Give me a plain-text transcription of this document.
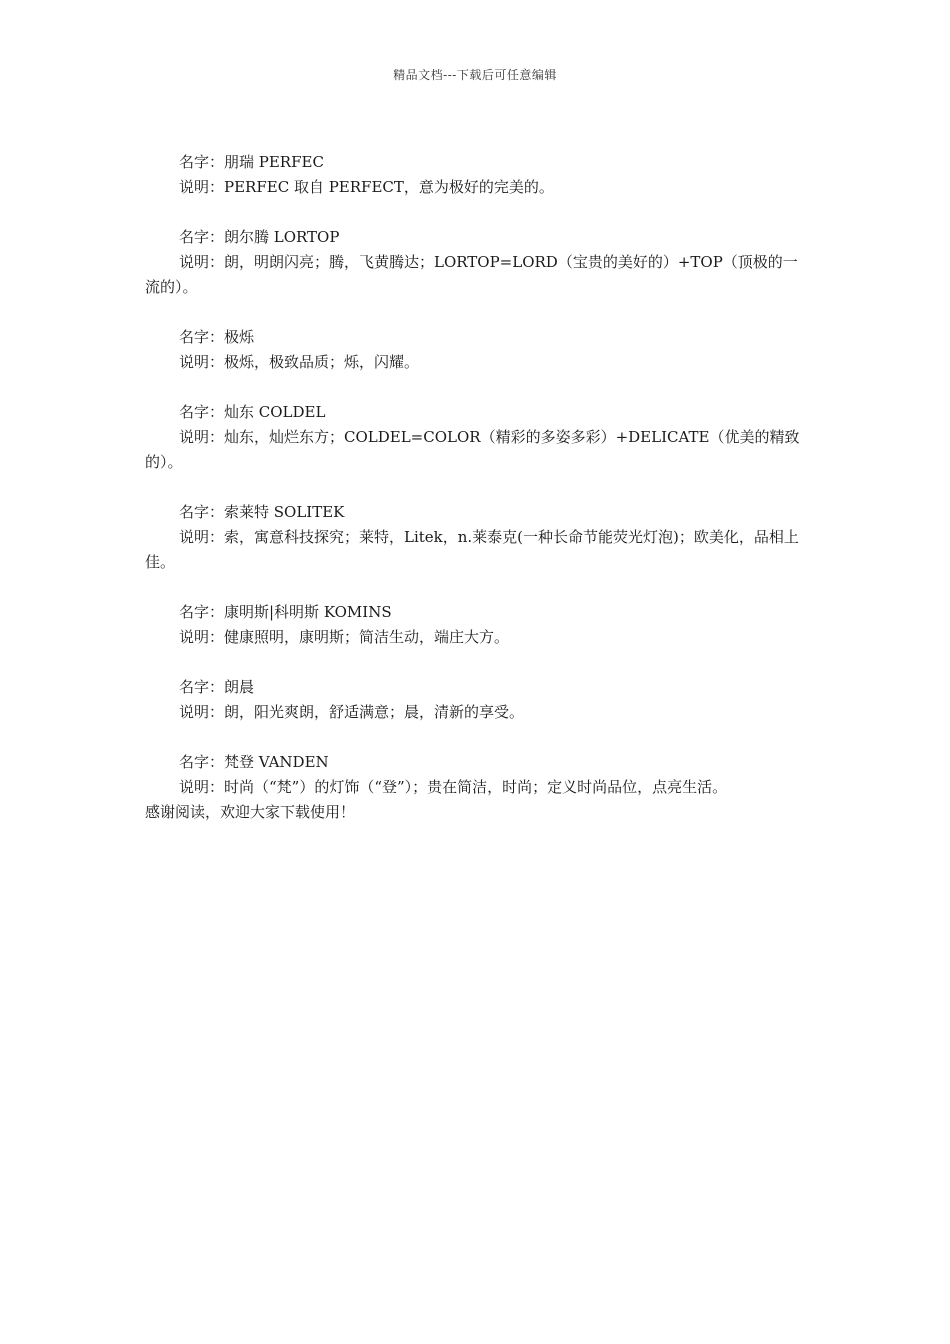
精品文档---下载后可任意编辑

名字：朋瑞 PERFEC

说明：PERFEC 取自 PERFECT，意为极好的完美的。

名字：朗尔腾 LORTOP

说明：朗，明朗闪亮；腾，飞黄腾达；LORTOP=LORD（宝贵的美好的）+TOP（顶极的一流的）。

名字：极烁

说明：极烁，极致品质；烁，闪耀。

名字：灿东 COLDEL

说明：灿东，灿烂东方；COLDEL=COLOR（精彩的多姿多彩）+DELICATE（优美的精致的）。

名字：索莱特 SOLITEK

说明：索，寓意科技探究；莱特，Litek，n.莱泰克(一种长命节能荧光灯泡)；欧美化，品相上佳。

名字：康明斯|科明斯 KOMINS

说明：健康照明，康明斯；简洁生动，端庄大方。

名字：朗晨

说明：朗，阳光爽朗，舒适满意；晨，清新的享受。

名字：梵登 VANDEN

说明：时尚（“梵”）的灯饰（“登”）；贵在简洁，时尚；定义时尚品位，点亮生活。

感谢阅读，欢迎大家下载使用！
